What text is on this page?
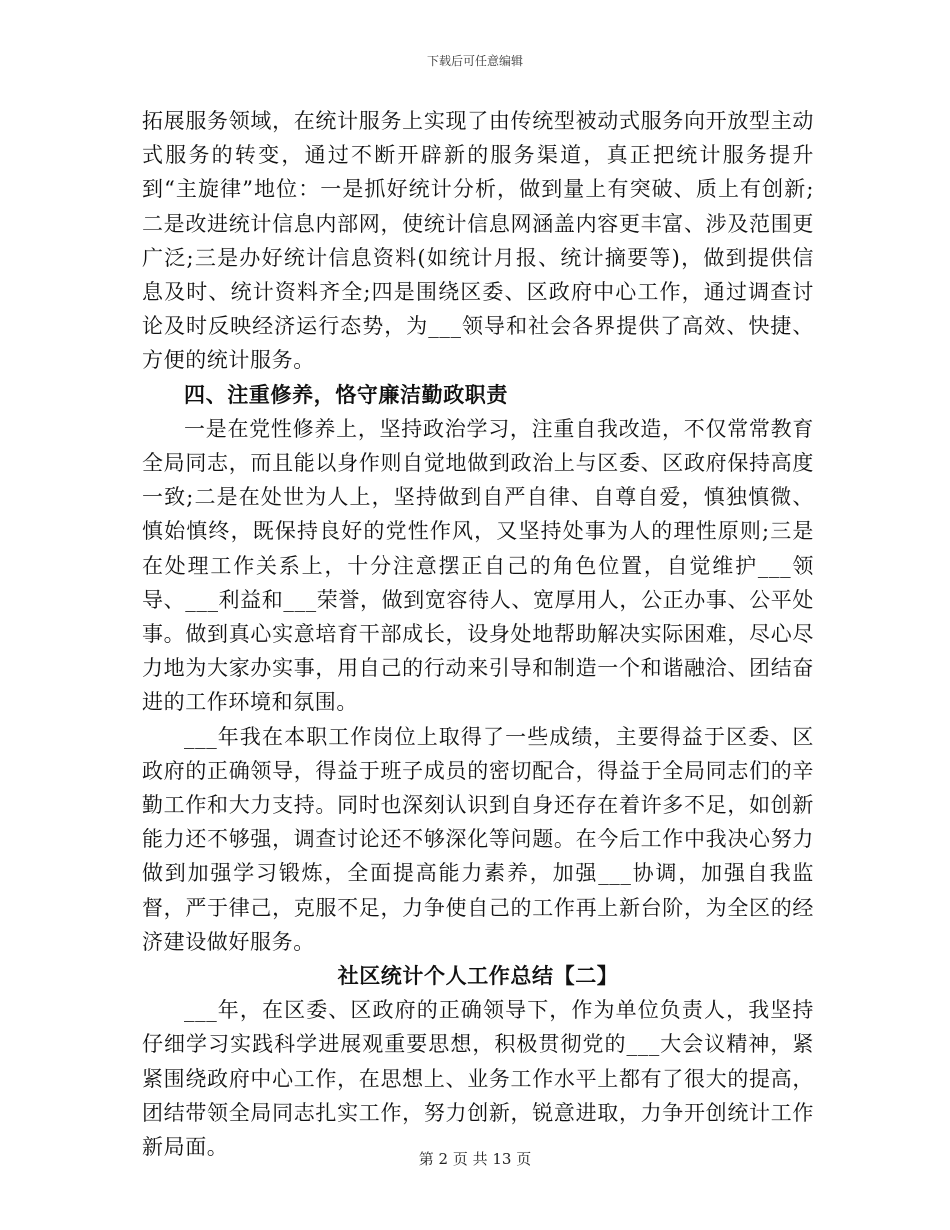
下载后可任意编辑

拓展服务领域，在统计服务上实现了由传统型被动式服务向开放型主动式服务的转变，通过不断开辟新的服务渠道，真正把统计服务提升到“主旋律”地位：一是抓好统计分析，做到量上有突破、质上有创新;二是改进统计信息内部网，使统计信息网涵盖内容更丰富、涉及范围更广泛;三是办好统计信息资料(如统计月报、统计摘要等)，做到提供信息及时、统计资料齐全;四是围绕区委、区政府中心工作，通过调查讨论及时反映经济运行态势，为___领导和社会各界提供了高效、快捷、方便的统计服务。

四、注重修养，恪守廉洁勤政职责

一是在党性修养上，坚持政治学习，注重自我改造，不仅常常教育全局同志，而且能以身作则自觉地做到政治上与区委、区政府保持高度一致;二是在处世为人上，坚持做到自严自律、自尊自爱，慎独慎微、慎始慎终，既保持良好的党性作风，又坚持处事为人的理性原则;三是在处理工作关系上，十分注意摆正自己的角色位置，自觉维护___领导、___利益和___荣誉，做到宽容待人、宽厚用人，公正办事、公平处事。做到真心实意培育干部成长，设身处地帮助解决实际困难，尽心尽力地为大家办实事，用自己的行动来引导和制造一个和谐融洽、团结奋进的工作环境和氛围。

___年我在本职工作岗位上取得了一些成绩，主要得益于区委、区政府的正确领导，得益于班子成员的密切配合，得益于全局同志们的辛勤工作和大力支持。同时也深刻认识到自身还存在着许多不足，如创新能力还不够强，调查讨论还不够深化等问题。在今后工作中我决心努力做到加强学习锻炼，全面提高能力素养，加强___协调，加强自我监督，严于律己，克服不足，力争使自己的工作再上新台阶，为全区的经济建设做好服务。

社区统计个人工作总结【二】

___年，在区委、区政府的正确领导下，作为单位负责人，我坚持仔细学习实践科学进展观重要思想，积极贯彻党的___大会议精神，紧紧围绕政府中心工作，在思想上、业务工作水平上都有了很大的提高，团结带领全局同志扎实工作，努力创新，锐意进取，力争开创统计工作新局面。	第 2 页 共 13 页
